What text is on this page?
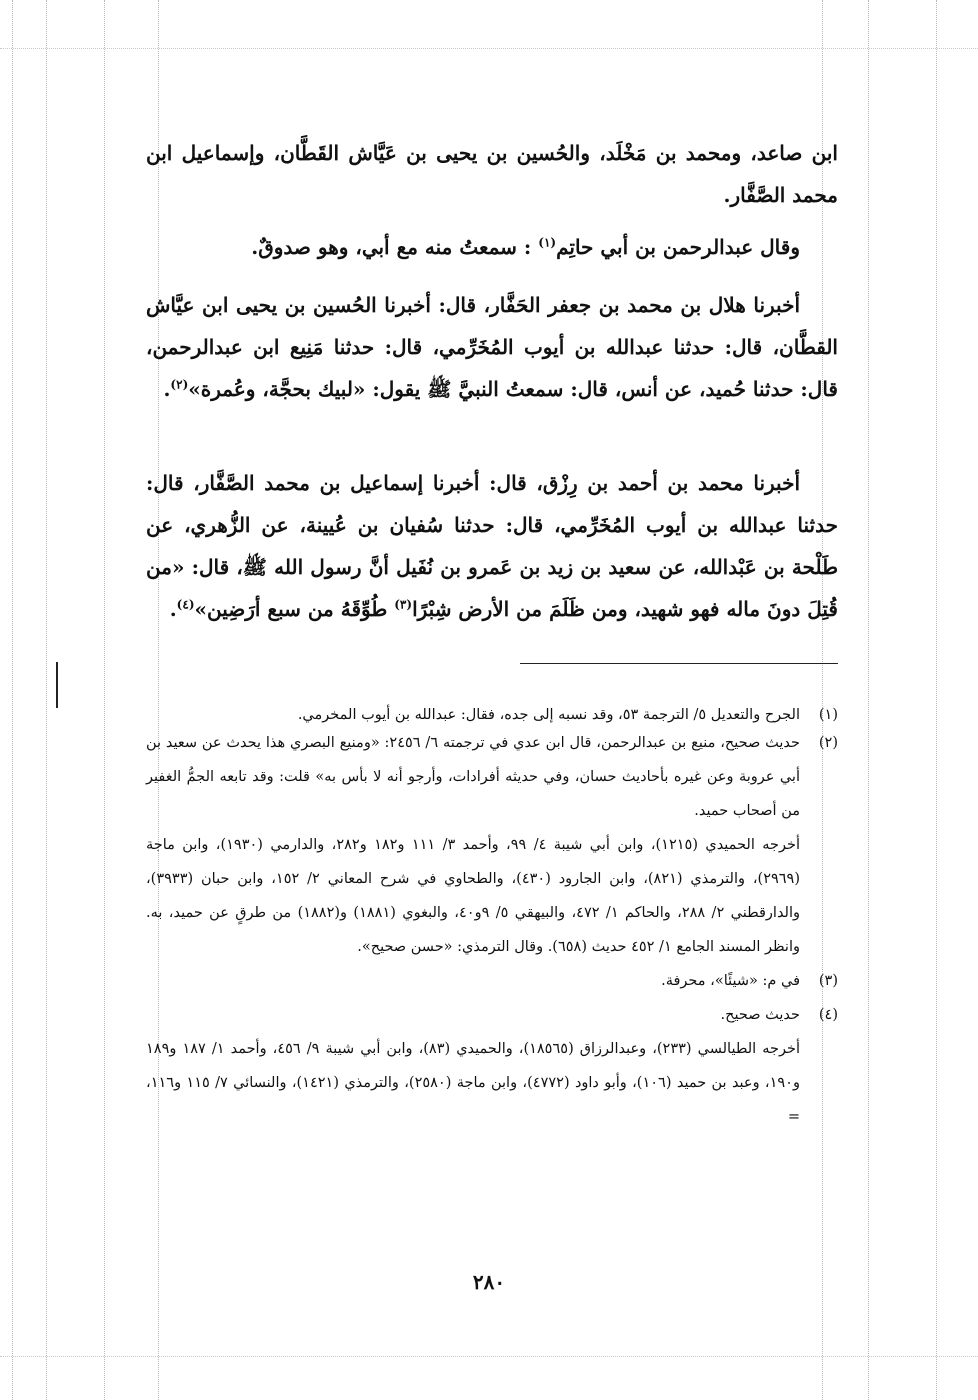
ابن صاعد، ومحمد بن مَخْلَد، والحُسين بن يحيى بن عَيَّاش القَطَّان، وإسماعيل ابن محمد الصَّفَّار.

وقال عبدالرحمن بن أبي حاتِم$^{(١)}$ : سمعتُ منه مع أبي، وهو صدوقٌ.

أخبرنا هلال بن محمد بن جعفر الحَفَّار، قال: أخبرنا الحُسين بن يحيى ابن عيَّاش القطَّان، قال: حدثنا عبدالله بن أيوب المُخَرِّمي، قال: حدثنا مَنِيع ابن عبدالرحمن، قال: حدثنا حُميد، عن أنس، قال: سمعتُ النبيَّ ﷺ يقول: «لبيك بحجَّة، وعُمرة»$^{(٢)}$.

أخبرنا محمد بن أحمد بن رِزْق، قال: أخبرنا إسماعيل بن محمد الصَّفَّار، قال: حدثنا عبدالله بن أيوب المُخَرِّمي، قال: حدثنا سُفيان بن عُيينة، عن الزُّهري، عن طَلْحة بن عَبْدالله، عن سعيد بن زيد بن عَمرو بن نُفَيل أنَّ رسول الله ﷺ، قال: «من قُتِلَ دونَ ماله فهو شهيد، ومن ظَلَمَ من الأرض شِبْرًا$^{(٣)}$ طُوِّقَهُ من سبع أرَضِين»$^{(٤)}$.

(١)
الجرح والتعديل ٥/ الترجمة ٥٣، وقد نسبه إلى جده، فقال: عبدالله بن أيوب المخرمي.
(٢)
حديث صحيح، منيع بن عبدالرحمن، قال ابن عدي في ترجمته ٦/ ٢٤٥٦: «ومنيع البصري هذا يحدث عن سعيد بن أبي عروبة وعن غيره بأحاديث حسان، وفي حديثه أفرادات، وأرجو أنه لا بأس به» قلت: وقد تابعه الجمُّ الغفير من أصحاب حميد.
أخرجه الحميدي (١٢١٥)، وابن أبي شيبة ٤/ ٩٩، وأحمد ٣/ ١١١ و١٨٢ و٢٨٢، والدارمي (١٩٣٠)، وابن ماجة (٢٩٦٩)، والترمذي (٨٢١)، وابن الجارود (٤٣٠)، والطحاوي في شرح المعاني ٢/ ١٥٢، وابن حبان (٣٩٣٣)، والدارقطني ٢/ ٢٨٨، والحاكم ١/ ٤٧٢، والبيهقي ٥/ ٩و٤٠، والبغوي (١٨٨١) و(١٨٨٢) من طرقٍ عن حميد، به. وانظر المسند الجامع ١/ ٤٥٢ حديث (٦٥٨). وقال الترمذي: «حسن صحيح».
(٣)
في م: «شيئًا»، محرفة.
(٤)
حديث صحيح.
أخرجه الطيالسي (٢٣٣)، وعبدالرزاق (١٨٥٦٥)، والحميدي (٨٣)، وابن أبي شيبة ٩/ ٤٥٦، وأحمد ١/ ١٨٧ و١٨٩ و١٩٠، وعبد بن حميد (١٠٦)، وأبو داود (٤٧٧٢)، وابن ماجة (٢٥٨٠)، والترمذي (١٤٢١)، والنسائي ٧/ ١١٥ و١١٦، =
٢٨٠
